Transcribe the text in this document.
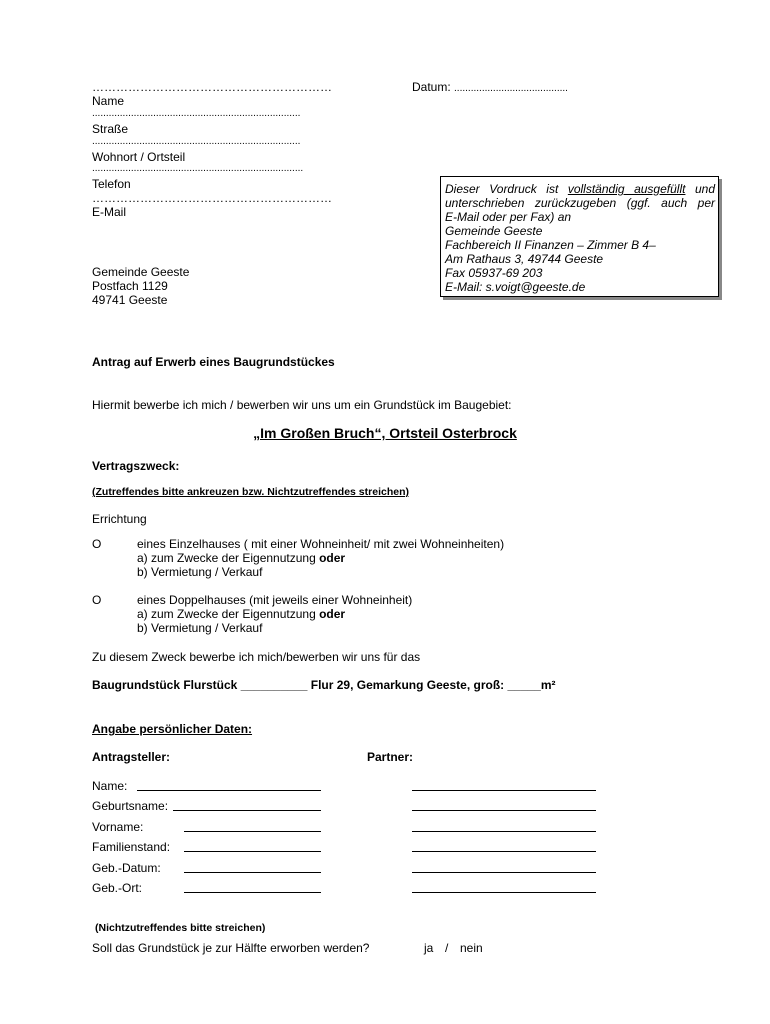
……………………………………………………
Name
...........................................................................
Straße
...........................................................................
Wohnort / Ortsteil
............................................................................
Telefon
……………………………………………………
E-Mail
Datum: .........................................
Dieser Vordruck ist vollständig ausgefüllt und
unterschrieben zurückzugeben (ggf. auch per
E-Mail oder per Fax) an
Gemeinde Geeste
Fachbereich II Finanzen – Zimmer B 4–
Am Rathaus 3, 49744 Geeste
Fax 05937-69 203
E-Mail: s.voigt@geeste.de
Gemeinde Geeste
Postfach 1129
49741 Geeste
Antrag auf Erwerb eines Baugrundstückes
Hiermit bewerbe ich mich / bewerben wir uns um ein Grundstück im Baugebiet:
„Im Großen Bruch“, Ortsteil Osterbrock
Vertragszweck:
(Zutreffendes bitte ankreuzen bzw. Nichtzutreffendes streichen)
Errichtung
O	eines Einzelhauses ( mit einer Wohneinheit/ mit zwei Wohneinheiten)
a) zum Zwecke der Eigennutzung oder
b) Vermietung / Verkauf
O	eines Doppelhauses (mit jeweils einer Wohneinheit)
a) zum Zwecke der Eigennutzung oder
b) Vermietung / Verkauf
Zu diesem Zweck bewerbe ich mich/bewerben wir uns für das
Baugrundstück Flurstück __________ Flur 29, Gemarkung Geeste, groß: _____m²
Angabe persönlicher Daten:
Antragsteller:	Partner:
Name:
Geburtsname:
Vorname:
Familienstand:
Geb.-Datum:
Geb.-Ort:
(Nichtzutreffendes bitte streichen)
Soll das Grundstück je zur Hälfte erworben werden?	ja / nein
